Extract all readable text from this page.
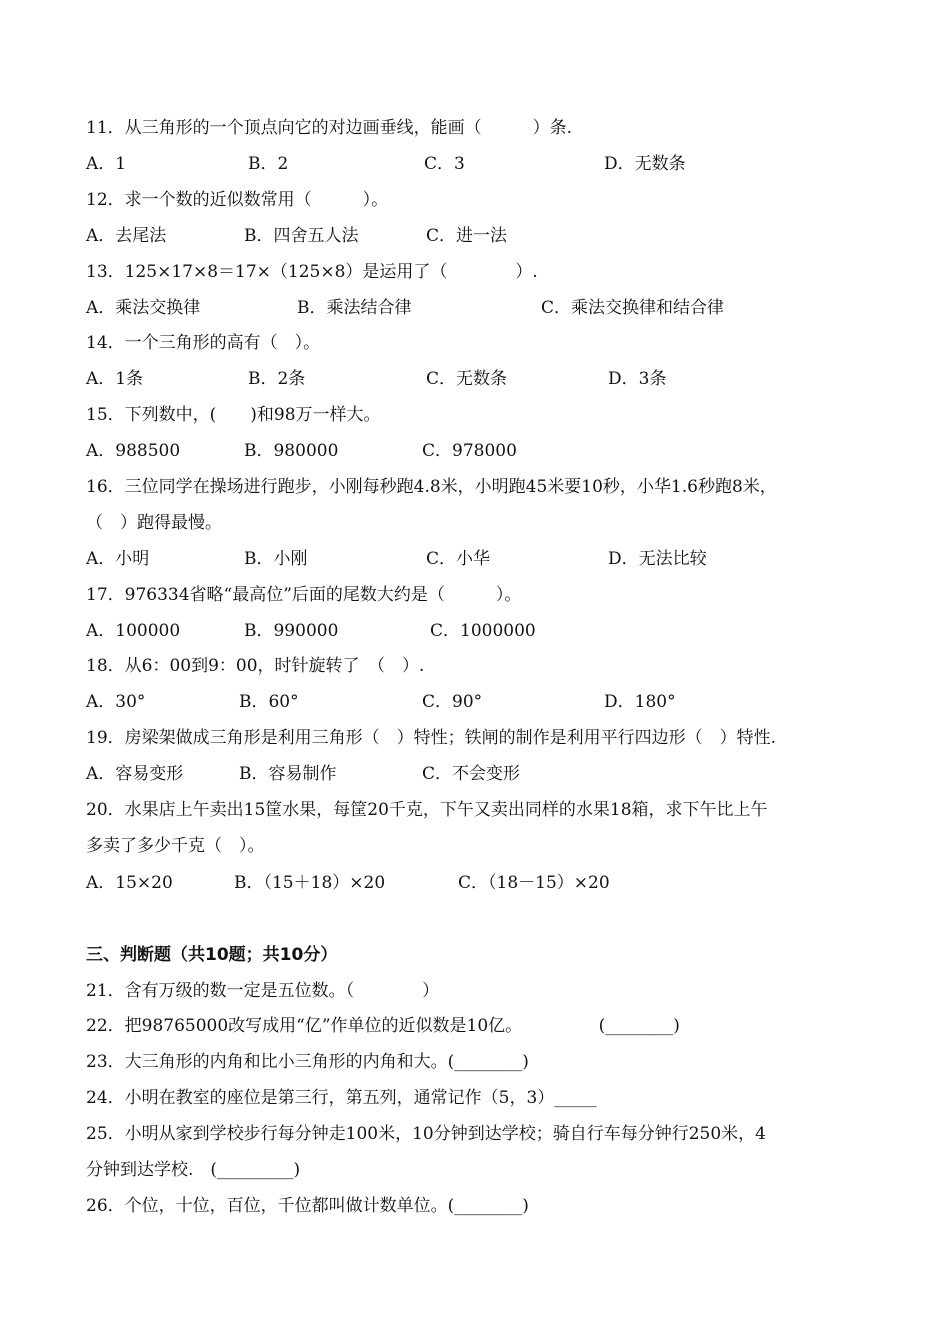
11．从三角形的一个顶点向它的对边画垂线，能画（　　　）条.
A．1	B．2	C．3	D．无数条
12．求一个数的近似数常用（　　　）。
A．去尾法	B．四舍五人法	C．进一法
13．125×17×8＝17×（125×8）是运用了（　　　　）.
A．乘法交换律	B．乘法结合律	C．乘法交换律和结合律
14．一个三角形的高有（　）。
A．1条	B．2条	C．无数条	D．3条
15．下列数中，(　　)和98万一样大。
A．988500	B．980000	C．978000
16．三位同学在操场进行跑步，小刚每秒跑4.8米，小明跑45米要10秒，小华1.6秒跑8米，
（　）跑得最慢。
A．小明	B．小刚	C．小华	D．无法比较
17．976334省略“最高位”后面的尾数大约是（　　　）。
A．100000	B．990000	C．1000000
18．从6：00到9：00，时针旋转了　（　）.
A．30°	B．60°	C．90°	D．180°
19．房梁架做成三角形是利用三角形（　）特性；铁闸的制作是利用平行四边形（　）特性.
A．容易变形	B．容易制作	C．不会变形
20．水果店上午卖出15筐水果，每筐20千克，下午又卖出同样的水果18箱，求下午比上午
多卖了多少千克（　）。
A．15×20	B．（15＋18）×20	C．（18－15）×20
三、判断题（共10题；共10分）
21．含有万级的数一定是五位数。（　　　　）
22．把98765000改写成用“亿”作单位的近似数是10亿。　　　　　(________)
23．大三角形的内角和比小三角形的内角和大。(________)
24．小明在教室的座位是第三行，第五列，通常记作（5，3）_____
25．小明从家到学校步行每分钟走100米，10分钟到达学校；骑自行车每分钟行250米，4
分钟到达学校.　(_________)
26．个位，十位，百位，千位都叫做计数单位。(________)
